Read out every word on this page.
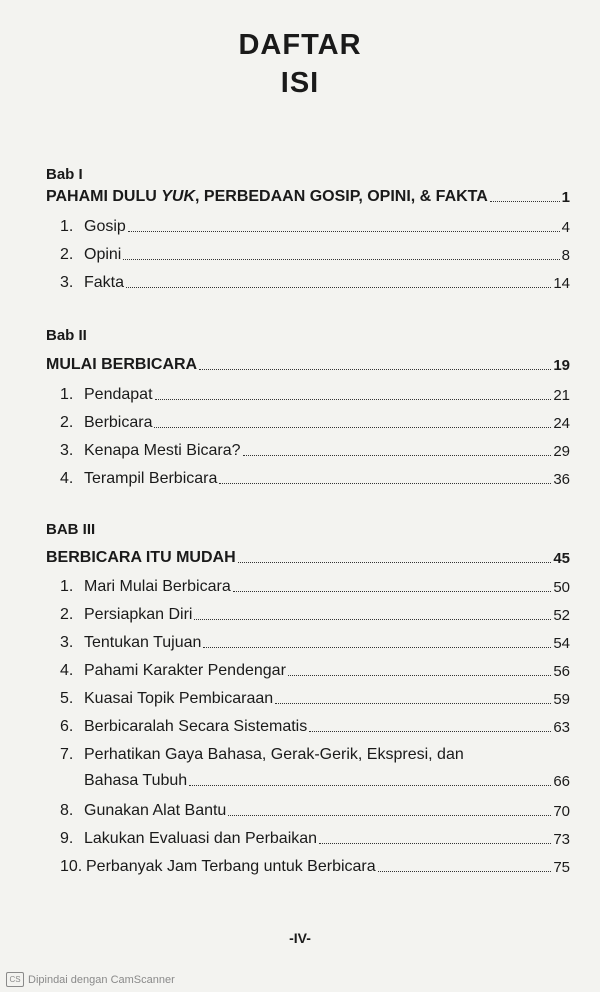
DAFTAR
ISI
Bab I
PAHAMI DULU YUK, PERBEDAAN GOSIP, OPINI, & FAKTA	1
1. Gosip	4
2. Opini	8
3. Fakta	14
Bab II
MULAI BERBICARA	19
1. Pendapat	21
2. Berbicara	24
3. Kenapa Mesti Bicara?	29
4. Terampil Berbicara	36
BAB III
BERBICARA ITU MUDAH	45
1. Mari Mulai Berbicara	50
2. Persiapkan Diri	52
3. Tentukan Tujuan	54
4. Pahami Karakter Pendengar	56
5. Kuasai Topik Pembicaraan	59
6. Berbicaralah Secara Sistematis	63
7. Perhatikan Gaya Bahasa, Gerak-Gerik, Ekspresi, dan
Bahasa Tubuh	66
8. Gunakan Alat Bantu	70
9. Lakukan Evaluasi dan Perbaikan	73
10. Perbanyak Jam Terbang untuk Berbicara	75
-IV-
CS Dipindai dengan CamScanner
